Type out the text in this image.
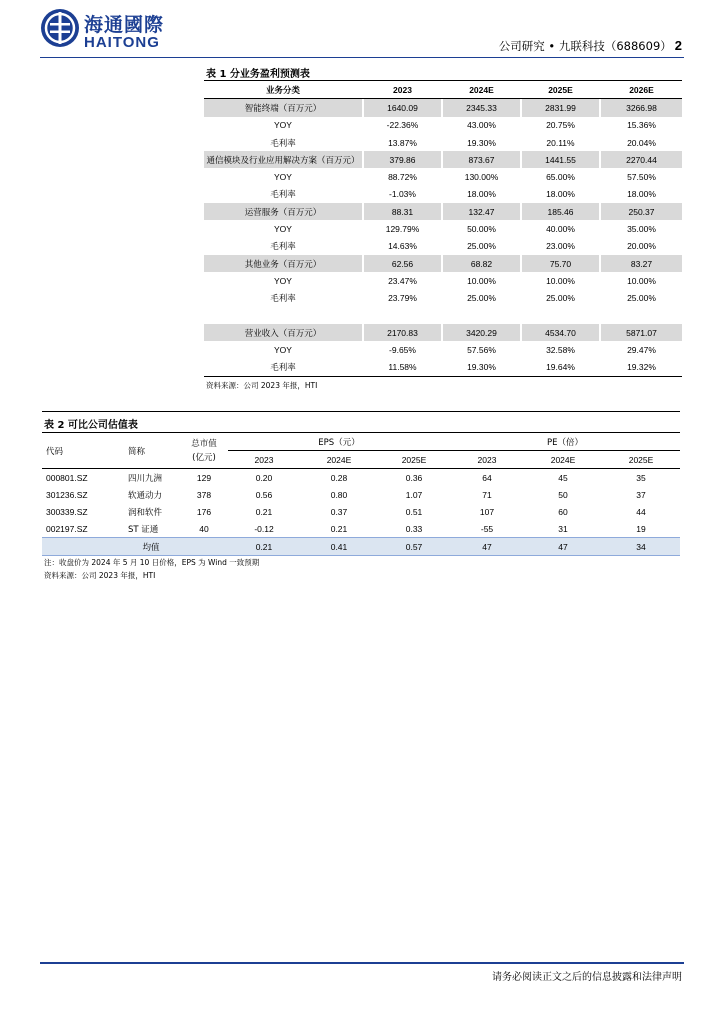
海通國際
HAITONG	公司研究 • 九联科技（688609） 2
表 1 分业务盈利预测表
业务分类		2023		2024E		2025E		2026E
智能终端（百万元）		1640.09		2345.33		2831.99		3266.98
YOY		-22.36%		43.00%		20.75%		15.36%
毛利率		13.87%		19.30%		20.11%		20.04%
通信模块及行业应用解决方案（百万元）		379.86		873.67		1441.55		2270.44
YOY		88.72%		130.00%		65.00%		57.50%
毛利率		-1.03%		18.00%		18.00%		18.00%
运营服务（百万元）		88.31		132.47		185.46		250.37
YOY		129.79%		50.00%		40.00%		35.00%
毛利率		14.63%		25.00%		23.00%		20.00%
其他业务（百万元）		62.56		68.82		75.70		83.27
YOY		23.47%		10.00%		10.00%		10.00%
毛利率		23.79%		25.00%		25.00%		25.00%

营业收入（百万元）		2170.83		3420.29		4534.70		5871.07
YOY		-9.65%		57.56%		32.58%		29.47%
毛利率		11.58%		19.30%		19.64%		19.32%
资料来源：公司 2023 年报，HTI
表 2 可比公司估值表
代码	简称	总市值
(亿元)	EPS（元）			PE（倍）		
			2023	2024E	2025E	2023	2024E	2025E
000801.SZ	四川九洲	129	0.20	0.28	0.36	64	45	35
301236.SZ	软通动力	378	0.56	0.80	1.07	71	50	37
300339.SZ	润和软件	176	0.21	0.37	0.51	107	60	44
002197.SZ	ST 证通	40	-0.12	0.21	0.33	-55	31	19
	均值		0.21	0.41	0.57	47	47	34
注：收盘价为 2024 年 5 月 10 日价格，EPS 为 Wind 一致预期
资料来源：公司 2023 年报，HTI
请务必阅读正文之后的信息披露和法律声明
